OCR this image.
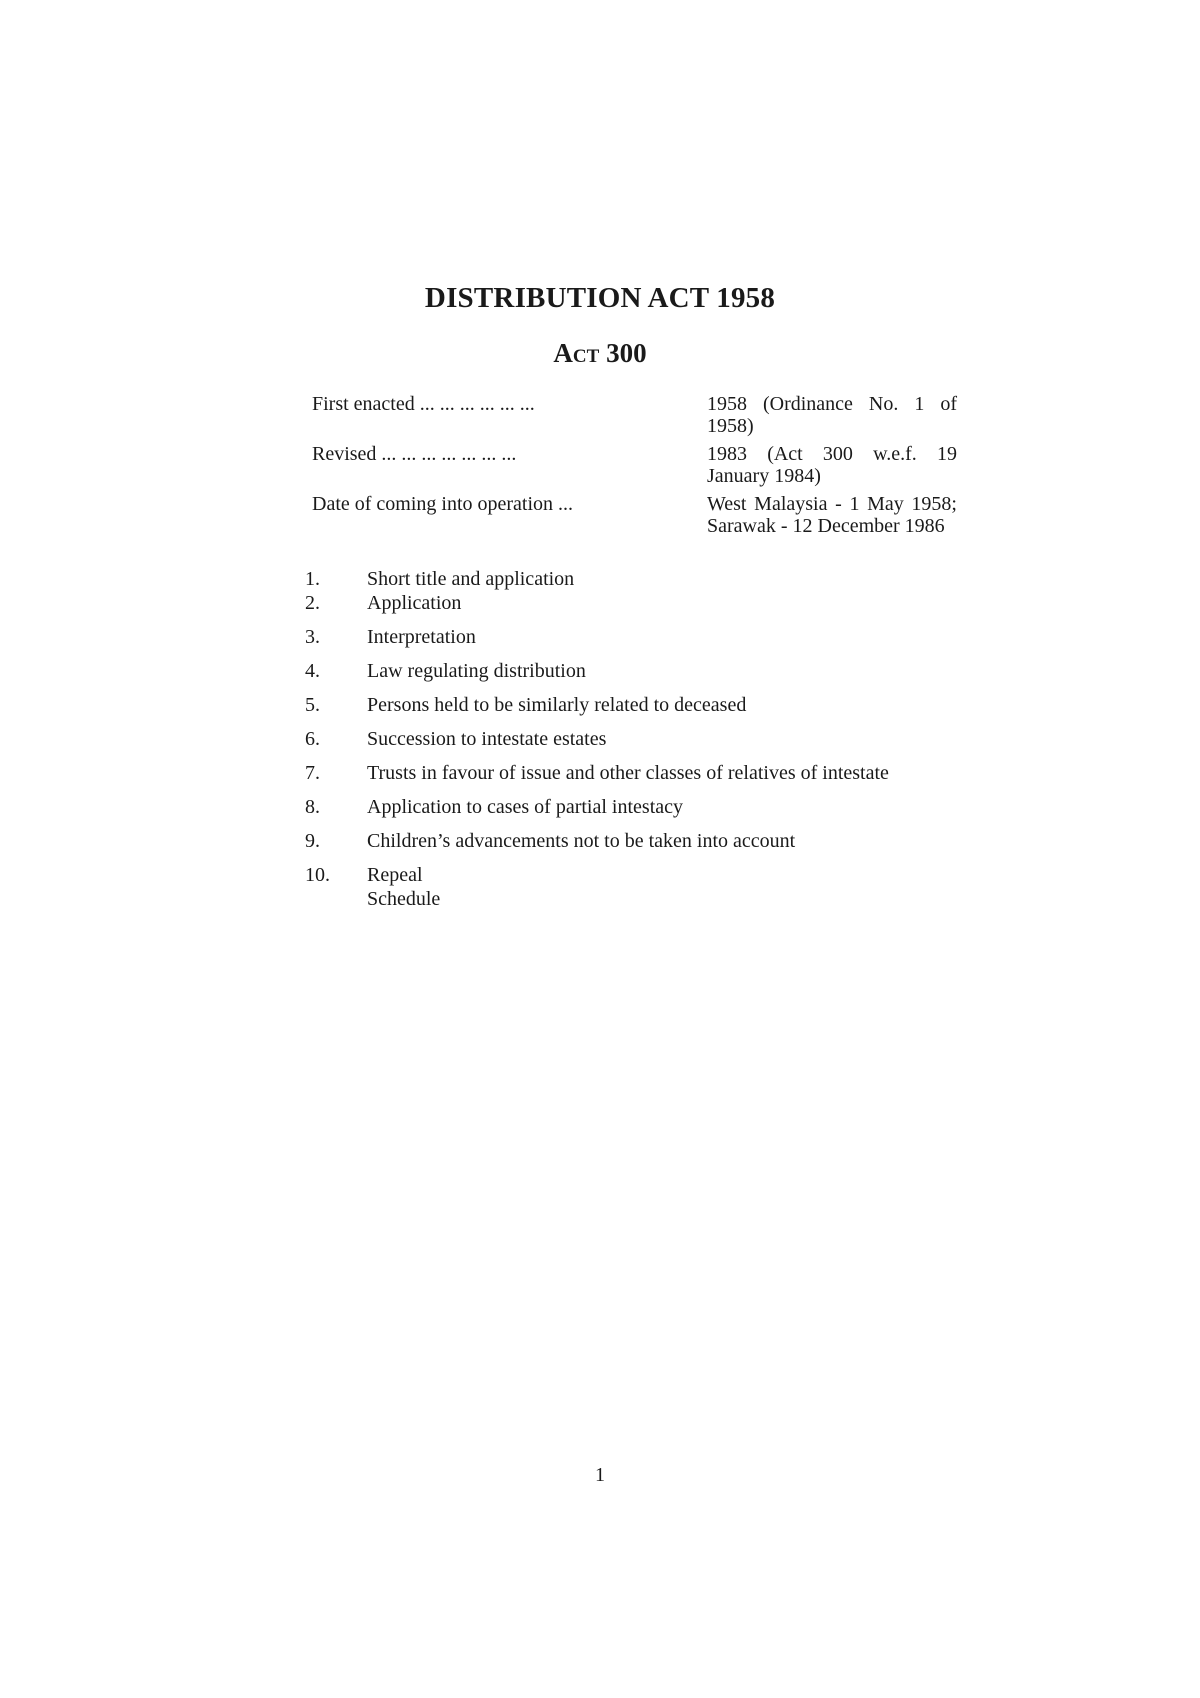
DISTRIBUTION ACT 1958
Act 300
First enacted ... ... ... ... ... ...	1958 (Ordinance No. 1 of 1958)
Revised ... ... ... ... ... ... ...	1983 (Act 300 w.e.f. 19 January 1984)
Date of coming into operation ...	West Malaysia - 1 May 1958; Sarawak - 12 December 1986
1.	Short title and application
2.	Application
3.	Interpretation
4.	Law regulating distribution
5.	Persons held to be similarly related to deceased
6.	Succession to intestate estates
7.	Trusts in favour of issue and other classes of relatives of intestate
8.	Application to cases of partial intestacy
9.	Children’s advancements not to be taken into account
10.	Repeal
Schedule
1
